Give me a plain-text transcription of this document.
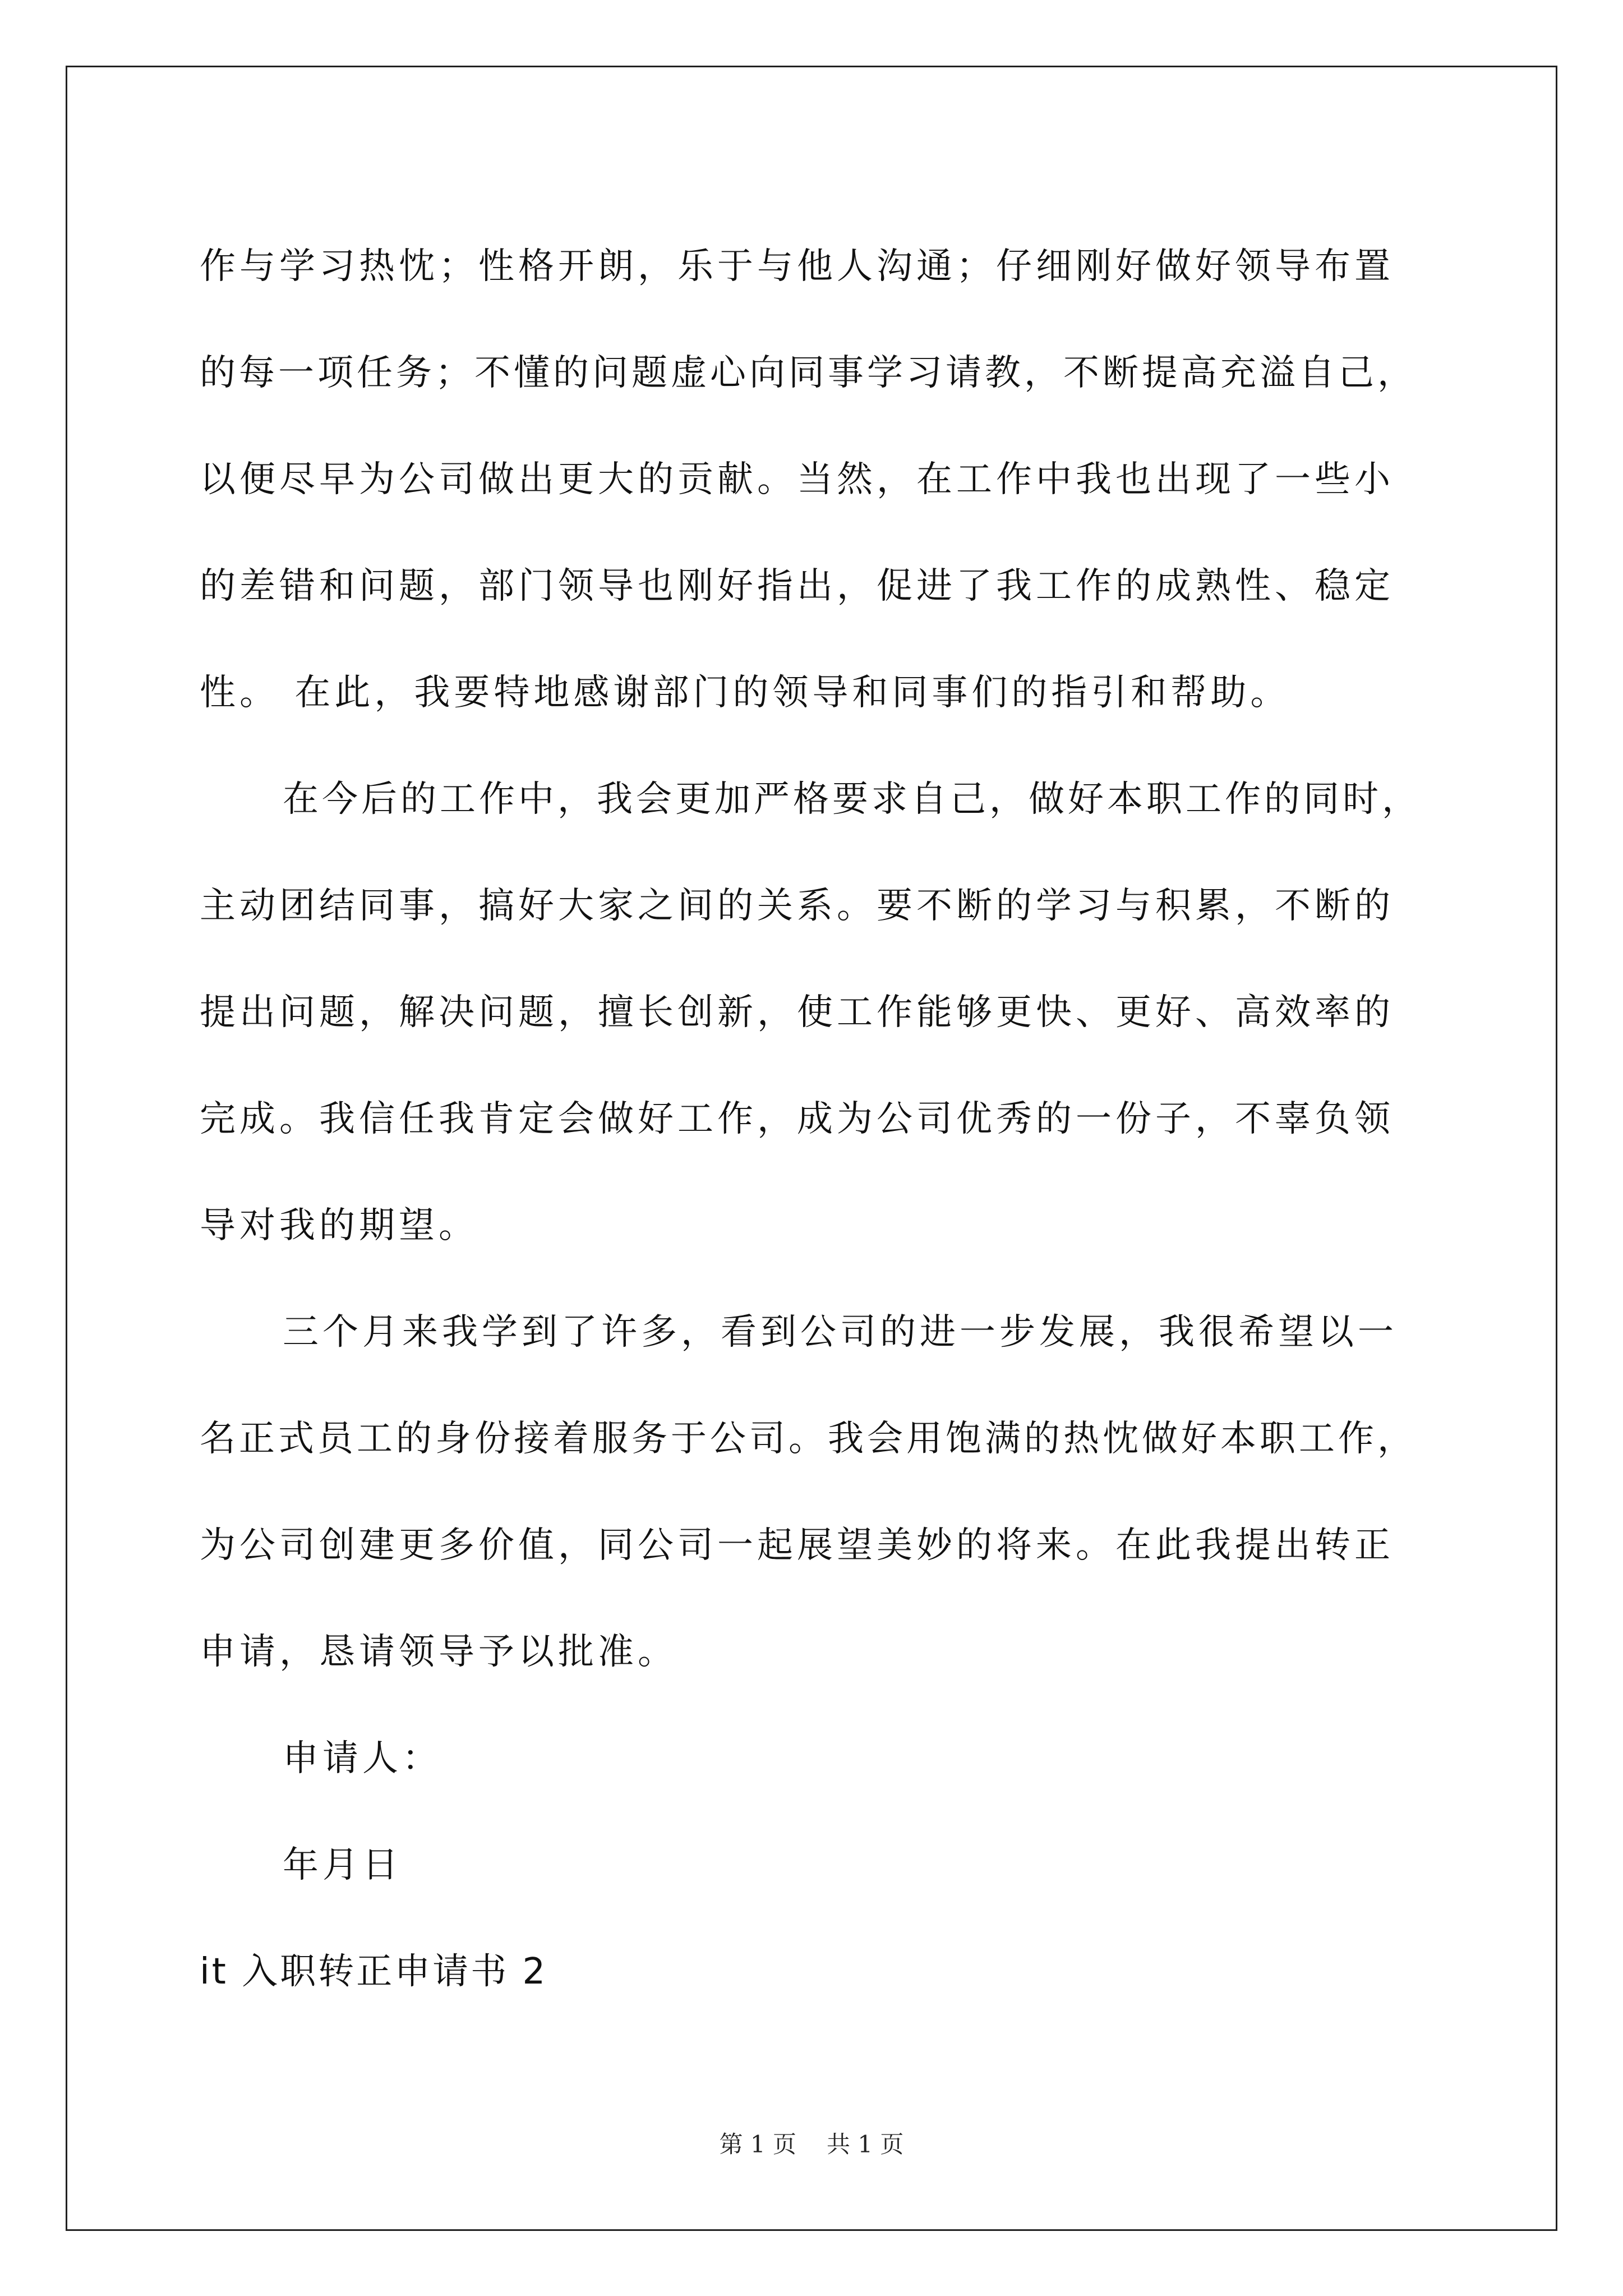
作与学习热忱；性格开朗，乐于与他人沟通；仔细刚好做好领导布置
的每一项任务；不懂的问题虚心向同事学习请教，不断提高充溢自己，
以便尽早为公司做出更大的贡献。当然，在工作中我也出现了一些小
的差错和问题，部门领导也刚好指出，促进了我工作的成熟性、稳定
性。 在此，我要特地感谢部门的领导和同事们的指引和帮助。
在今后的工作中，我会更加严格要求自己，做好本职工作的同时，
主动团结同事，搞好大家之间的关系。要不断的学习与积累，不断的
提出问题，解决问题，擅长创新，使工作能够更快、更好、高效率的
完成。我信任我肯定会做好工作，成为公司优秀的一份子，不辜负领
导对我的期望。
三个月来我学到了许多，看到公司的进一步发展，我很希望以一
名正式员工的身份接着服务于公司。我会用饱满的热忱做好本职工作，
为公司创建更多价值，同公司一起展望美妙的将来。在此我提出转正
申请，恳请领导予以批准。
申请人：
年月日
it 入职转正申请书 2
第 1 页 共 1 页
